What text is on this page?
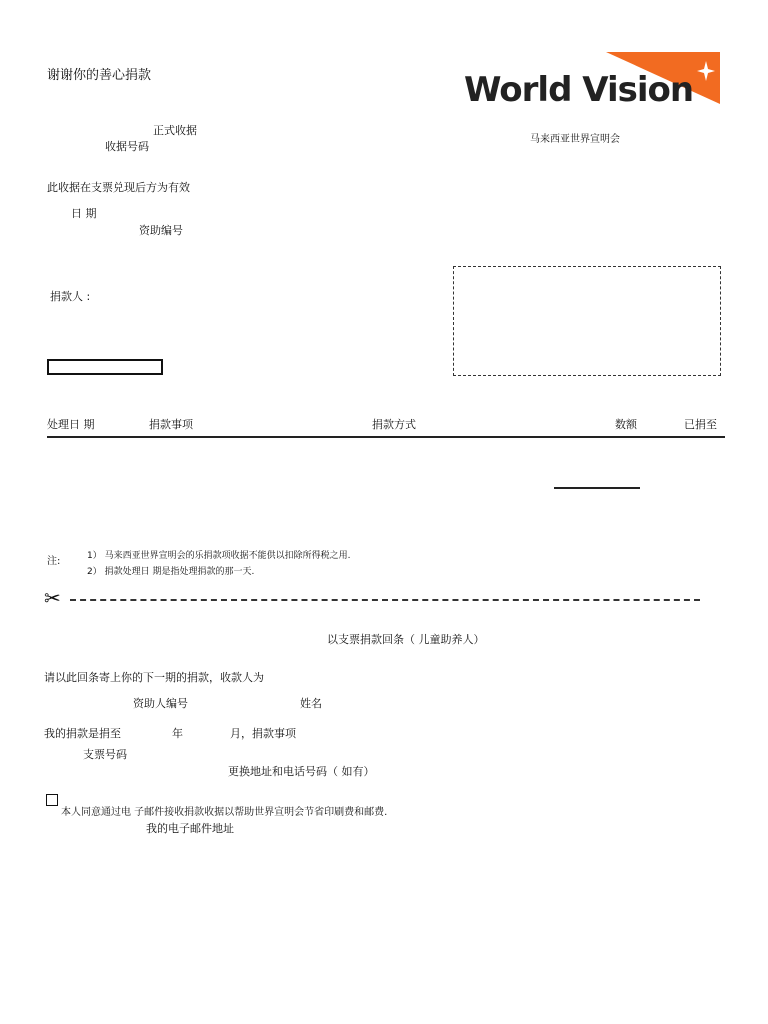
谢谢你的善心捐款	World Vision
马来西亚世界宣明会
正式收据
收据号码
此收据在支票兑现后方为有效
日 期
资助编号
捐款人 :
处理日 期	捐款事项	捐款方式	数额	已捐至
注:	1） 马来西亚世界宣明会的乐捐款项收据不能供以扣除所得税之用.
2） 捐款处理日 期是指处理捐款的那一天.
✂
以支票捐款回条（ 儿童助养人）
请以此回条寄上你的下一期的捐款，收款人为
资助人编号	姓名
我的捐款是捐至	年	月，捐款事项
支票号码
更换地址和电话号码（ 如有）
本人同意通过电 子邮件接收捐款收据以帮助世界宣明会节省印刷费和邮费.
我的电子邮件地址
